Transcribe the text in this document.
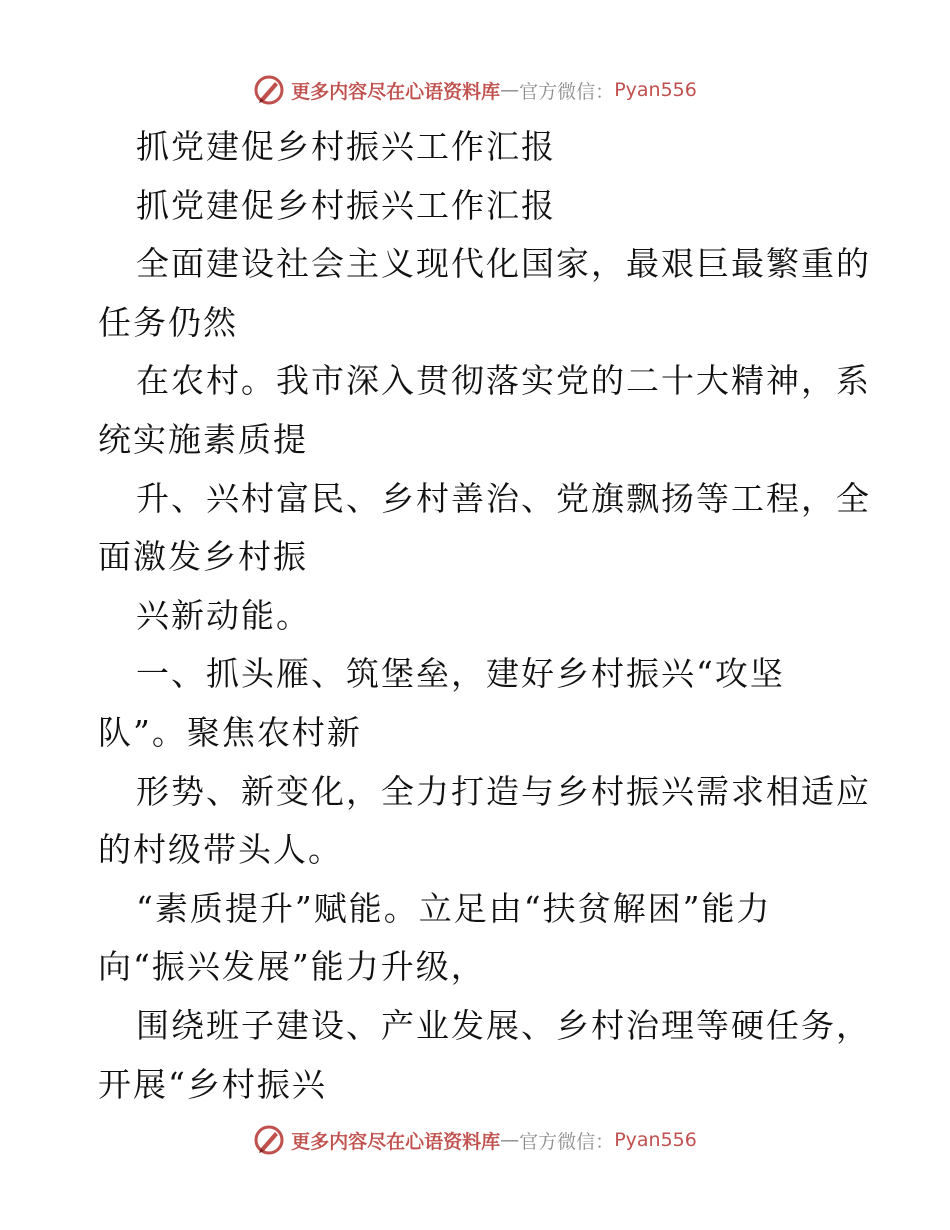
更多内容尽在心语资料库 — 官方微信： Pyan556
抓党建促乡村振兴工作汇报
抓党建促乡村振兴工作汇报
全面建设社会主义现代化国家，最艰巨最繁重的
任务仍然
在农村。我市深入贯彻落实党的二十大精神，系
统实施素质提
升、兴村富民、乡村善治、党旗飘扬等工程，全
面激发乡村振
兴新动能。
一、抓头雁、筑堡垒，建好乡村振兴“攻坚
队”。聚焦农村新
形势、新变化，全力打造与乡村振兴需求相适应
的村级带头人。
“素质提升”赋能。立足由“扶贫解困”能力
向“振兴发展”能力升级，
围绕班子建设、产业发展、乡村治理等硬任务，
开展“乡村振兴
更多内容尽在心语资料库 — 官方微信： Pyan556
